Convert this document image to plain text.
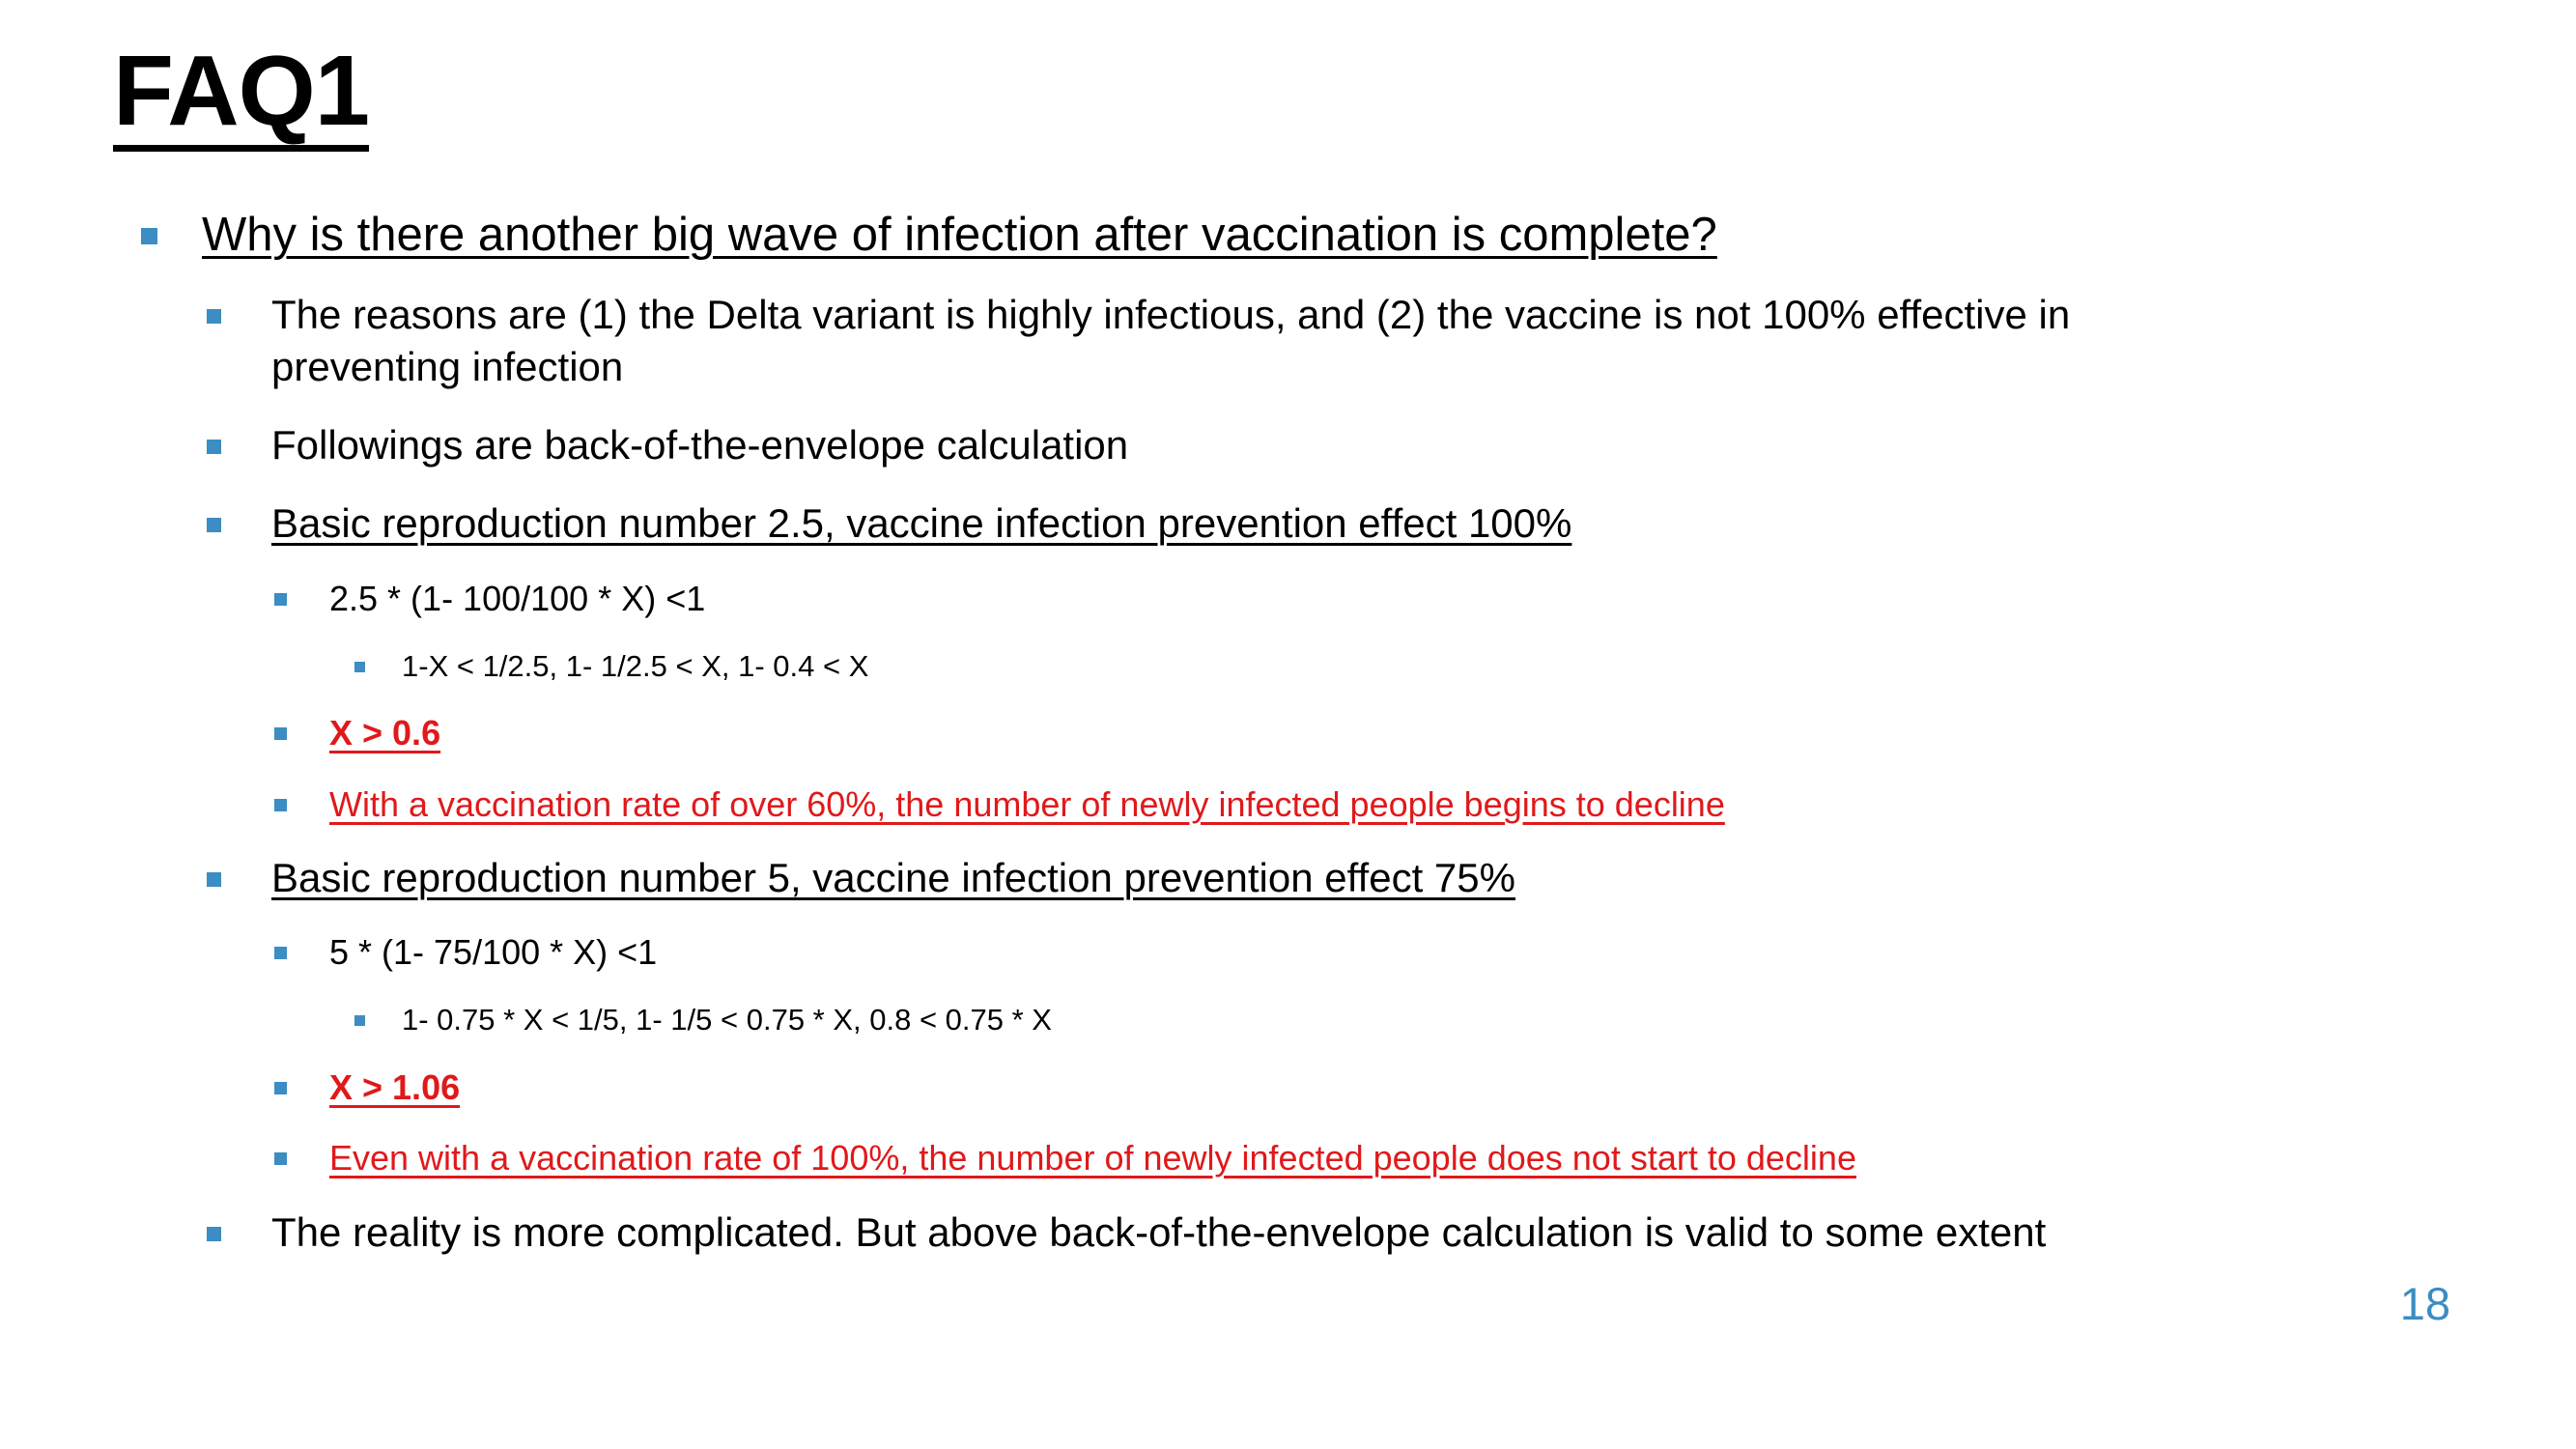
FAQ1
Why is there another big wave of infection after vaccination is complete?
The reasons are (1) the Delta variant is highly infectious, and (2) the vaccine is not 100% effective in
preventing infection
Followings are back-of-the-envelope calculation
Basic reproduction number 2.5, vaccine infection prevention effect 100%
2.5 * (1- 100/100 * X) <1
1-X < 1/2.5, 1- 1/2.5 < X, 1- 0.4 < X
X > 0.6
With a vaccination rate of over 60%, the number of newly infected people begins to decline
Basic reproduction number 5, vaccine infection prevention effect 75%
5 * (1- 75/100 * X) <1
1- 0.75 * X < 1/5, 1- 1/5 < 0.75 * X, 0.8 < 0.75 * X
X > 1.06
Even with a vaccination rate of 100%, the number of newly infected people does not start to decline
The reality is more complicated. But above back-of-the-envelope calculation is valid to some extent
18
